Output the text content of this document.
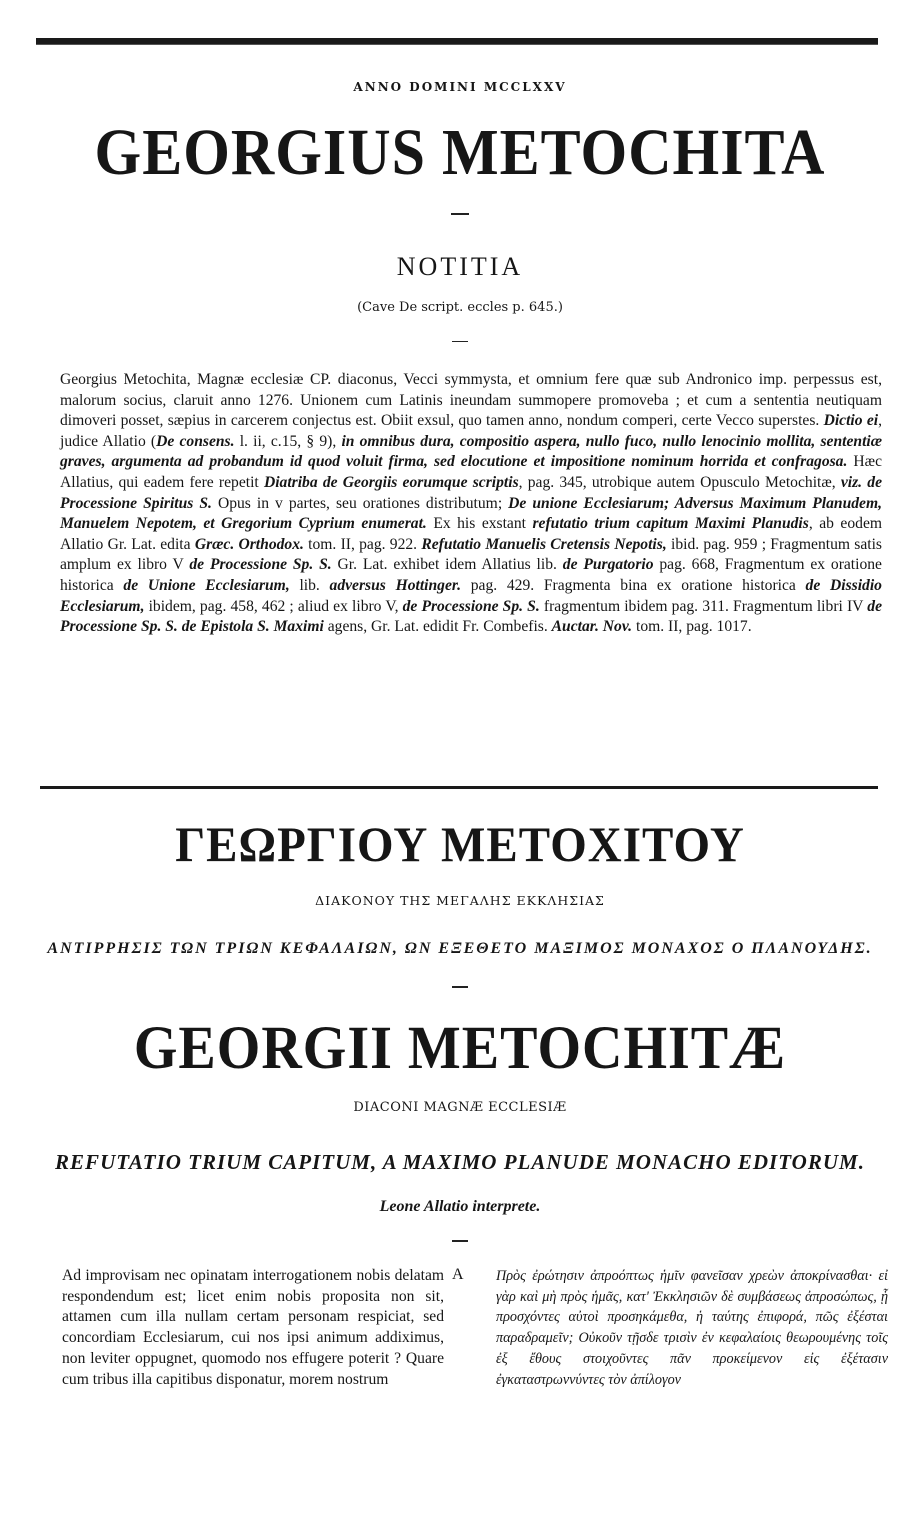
ANNO DOMINI MCCLXXV
GEORGIUS METOCHITA
NOTITIA
(Cave De script. eccles p. 645.)

Georgius Metochita, Magnæ ecclesiæ CP. diaconus, Vecci symmysta, et omnium fere quæ sub Andronico imp. perpessus est, malorum socius, claruit anno 1276. Unionem cum Latinis ineundam summopere promoveba ; et cum a sententia neutiquam dimoveri posset, sæpius in carcerem conjectus est. Obiit exsul, quo tamen anno, nondum comperi, certe Vecco superstes. Dictio ei, judice Allatio (De consens. l. ii, c.15, § 9), in omnibus dura, compositio aspera, nullo fuco, nullo lenocinio mollita, sententiæ graves, argumenta ad probandum id quod voluit firma, sed elocutione et impositione nominum horrida et confragosa. Hæc Allatius, qui eadem fere repetit Diatriba de Georgiis eorumque scriptis, pag. 345, utrobique autem Opusculo Metochitæ, viz. de Processione Spiritus S. Opus in v partes, seu orationes distributum; De unione Ecclesiarum; Adversus Maximum Planudem, Manuelem Nepotem, et Gregorium Cyprium enumerat. Ex his exstant refutatio trium capitum Maximi Planudis, ab eodem Allatio Gr. Lat. edita Græc. Orthodox. tom. II, pag. 922. Refutatio Manuelis Cretensis Nepotis, ibid. pag. 959 ; Fragmentum satis amplum ex libro V de Processione Sp. S. Gr. Lat. exhibet idem Allatius lib. de Purgatorio pag. 668, Fragmentum ex oratione historica de Unione Ecclesiarum, lib. adversus Hottinger. pag. 429. Fragmenta bina ex oratione historica de Dissidio Ecclesiarum, ibidem, pag. 458, 462 ; aliud ex libro V, de Processione Sp. S. fragmentum ibidem pag. 311. Fragmentum libri IV de Processione Sp. S. de Epistola S. Maximi agens, Gr. Lat. edidit Fr. Combefis. Auctar. Nov. tom. II, pag. 1017.

ΓΕΩΡΓΙΟΥ ΜΕΤΟΧΙΤΟΥ
ΔΙΑΚΟΝΟΥ ΤΗΣ ΜΕΓΑΛΗΣ ΕΚΚΛΗΣΙΑΣ
ΑΝΤΙΡΡΗΣΙΣ ΤΩΝ ΤΡΙΩΝ ΚΕΦΑΛΑΙΩΝ, ΩΝ ΕΞΕΘΕΤΟ ΜΑΞΙΜΟΣ ΜΟΝΑΧΟΣ Ο ΠΛΑΝΟΥΔΗΣ.
GEORGII METOCHITÆ
DIACONI MAGNÆ ECCLESIÆ
REFUTATIO TRIUM CAPITUM, A MAXIMO PLANUDE MONACHO EDITORUM.
Leone Allatio interprete.

Ad improvisam nec opinatam interrogationem nobis delatam respondendum est; licet enim nobis proposita non sit, attamen cum illa nullam certam personam respiciat, sed concordiam Ecclesiarum, cui nos ipsi animum addiximus, non leviter oppugnet, quomodo nos effugere poterit ? Quare cum tribus illa capitibus disponatur, morem nostrum

A Πρὸς ἐρώτησιν ἀπροόπτως ἡμῖν φανεῖσαν χρεὼν ἀποκρίνασθαι· εἰ γὰρ καὶ μὴ πρὸς ἡμᾶς, κατ' Ἐκκλησιῶν δὲ συμβάσεως ἀπροσώπως, ᾗ προσχόντες αὐτοὶ προσηκάμεθα, ἡ ταύτης ἐπιφορά, πῶς ἐξέσται παραδραμεῖν; Οὐκοῦν τῇσδε τρισὶν ἐν κεφαλαίοις θεωρουμένης τοῖς ἐξ ἔθους στοιχοῦντες πᾶν προκείμενον εἰς ἐξέτασιν ἐγκαταστρωννύντες τὸν ἀπίλογον
